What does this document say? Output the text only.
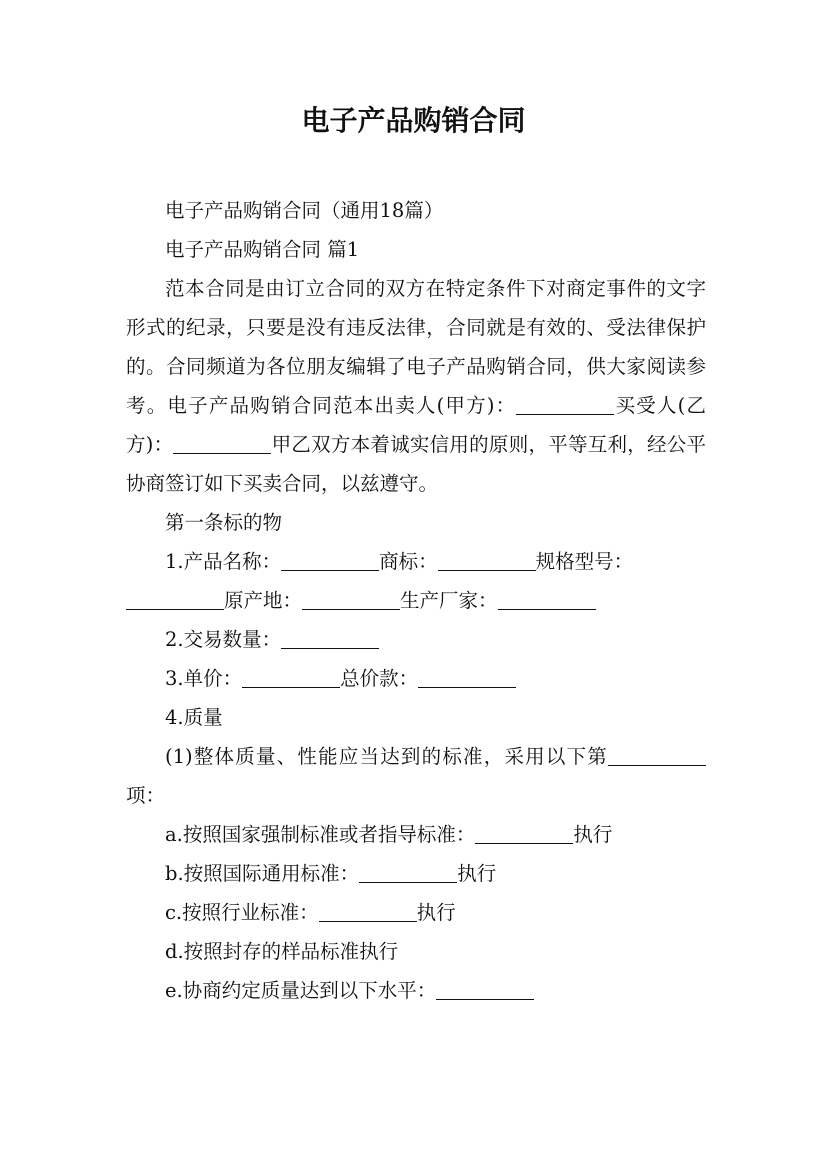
电子产品购销合同

电子产品购销合同（通用18篇）

电子产品购销合同 篇1

范本合同是由订立合同的双方在特定条件下对商定事件的文字形式的纪录，只要是没有违反法律，合同就是有效的、受法律保护的。合同频道为各位朋友编辑了电子产品购销合同，供大家阅读参考。电子产品购销合同范本出卖人(甲方)：	买受人(乙方)：	甲乙双方本着诚实信用的原则，平等互利，经公平协商签订如下买卖合同，以兹遵守。

第一条标的物

1.产品名称：	商标：	规格型号：原产地：	生产厂家：

2.交易数量：

3.单价：	总价款：

4.质量

(1)整体质量、性能应当达到的标准，采用以下第项：

a.按照国家强制标准或者指导标准：	执行

b.按照国际通用标准：	执行

c.按照行业标准：	执行

d.按照封存的样品标准执行

e.协商约定质量达到以下水平：
